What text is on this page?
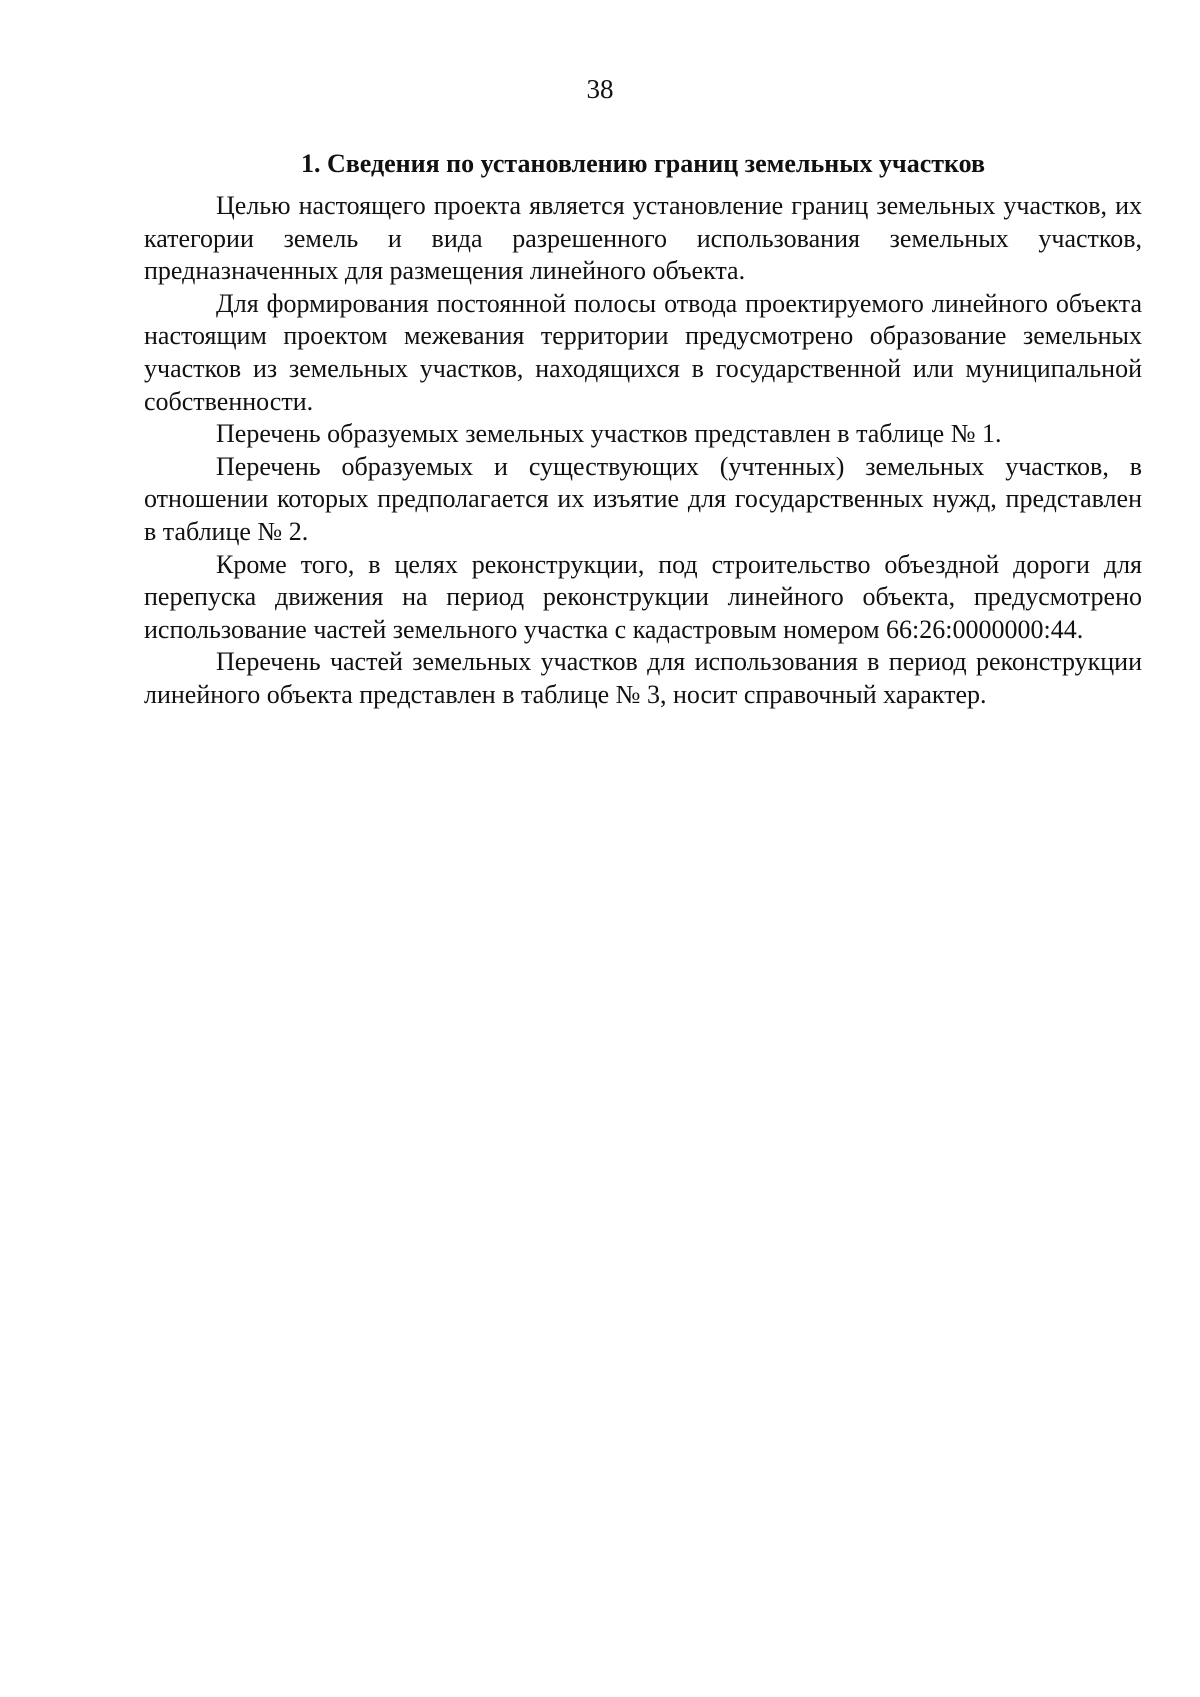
38
1. Сведения по установлению границ земельных участков

Целью настоящего проекта является установление границ земельных участков, их категории земель и вида разрешенного использования земельных участков, предназначенных для размещения линейного объекта.

Для формирования постоянной полосы отвода проектируемого линейного объекта настоящим проектом межевания территории предусмотрено образование земельных участков из земельных участков, находящихся в государственной или муниципальной собственности.

Перечень образуемых земельных участков представлен в таблице № 1.

Перечень образуемых и существующих (учтенных) земельных участков, в отношении которых предполагается их изъятие для государственных нужд, представлен в таблице № 2.

Кроме того, в целях реконструкции, под строительство объездной дороги для перепуска движения на период реконструкции линейного объекта, предусмотрено использование частей земельного участка с кадастровым номером 66:26:0000000:44.

Перечень частей земельных участков для использования в период реконструкции линейного объекта представлен в таблице № 3, носит справочный характер.
